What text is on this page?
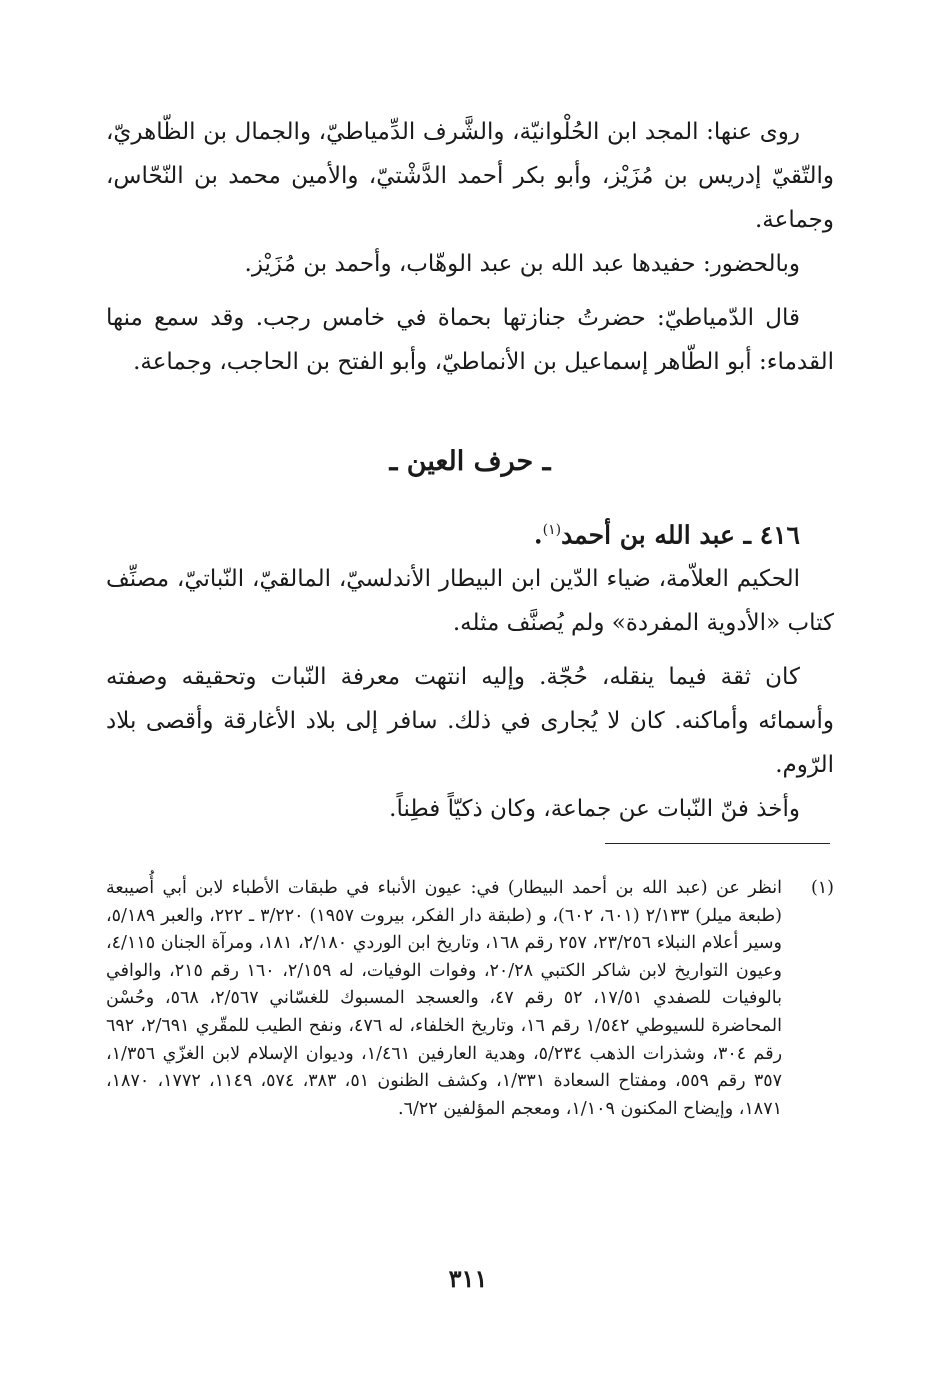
روى عنها: المجد ابن الحُلْوانيّة، والشَّرف الدِّمياطيّ، والجمال بن الظّاهريّ، والتّقيّ إدريس بن مُزَيْز، وأبو بكر أحمد الدَّشْتيّ، والأمين محمد بن النّحّاس، وجماعة.

وبالحضور: حفيدها عبد الله بن عبد الوهّاب، وأحمد بن مُزَيْز.

قال الدّمياطيّ: حضرتُ جنازتها بحماة في خامس رجب. وقد سمع منها القدماء: أبو الطّاهر إسماعيل بن الأنماطيّ، وأبو الفتح بن الحاجب، وجماعة.

ـ حرف العين ـ

٤١٦ ـ عبد الله بن أحمد$^{(١)}$.

الحكيم العلاّمة، ضياء الدّين ابن البيطار الأندلسيّ، المالقيّ، النّباتيّ، مصنِّف كتاب «الأدوية المفردة» ولم يُصنَّف مثله.

كان ثقة فيما ينقله، حُجّة. وإليه انتهت معرفة النّبات وتحقيقه وصفته وأسمائه وأماكنه. كان لا يُجارى في ذلك. سافر إلى بلاد الأغارقة وأقصى بلاد الرّوم.

وأخذ فنّ النّبات عن جماعة، وكان ذكيّاً فطِناً.

(١)
انظر عن (عبد الله بن أحمد البيطار) في: عيون الأنباء في طبقات الأطباء لابن أبي أُصيبعة (طبعة ميلر) ٢/١٣٣ (٦٠١، ٦٠٢)، و (طبقة دار الفكر، بيروت ١٩٥٧) ٣/٢٢٠ ـ ٢٢٢، والعبر ٥/١٨٩، وسير أعلام النبلاء ٢٣/٢٥٦، ٢٥٧ رقم ١٦٨، وتاريخ ابن الوردي ٢/١٨٠، ١٨١، ومرآة الجنان ٤/١١٥، وعيون التواريخ لابن شاكر الكتبي ٢٠/٢٨، وفوات الوفيات، له ٢/١٥٩، ١٦٠ رقم ٢١٥، والوافي بالوفيات للصفدي ١٧/٥١، ٥٢ رقم ٤٧، والعسجد المسبوك للغسّاني ٢/٥٦٧، ٥٦٨، وحُسْن المحاضرة للسيوطي ١/٥٤٢ رقم ١٦، وتاريخ الخلفاء، له ٤٧٦، ونفح الطيب للمقّري ٢/٦٩١، ٦٩٢ رقم ٣٠٤، وشذرات الذهب ٥/٢٣٤، وهدية العارفين ١/٤٦١، وديوان الإسلام لابن الغزّي ١/٣٥٦، ٣٥٧ رقم ٥٥٩، ومفتاح السعادة ١/٣٣١، وكشف الظنون ٥١، ٣٨٣، ٥٧٤، ١١٤٩، ١٧٧٢، ١٨٧٠، ١٨٧١، وإيضاح المكنون ١/١٠٩، ومعجم المؤلفين ٦/٢٢.
٣١١
